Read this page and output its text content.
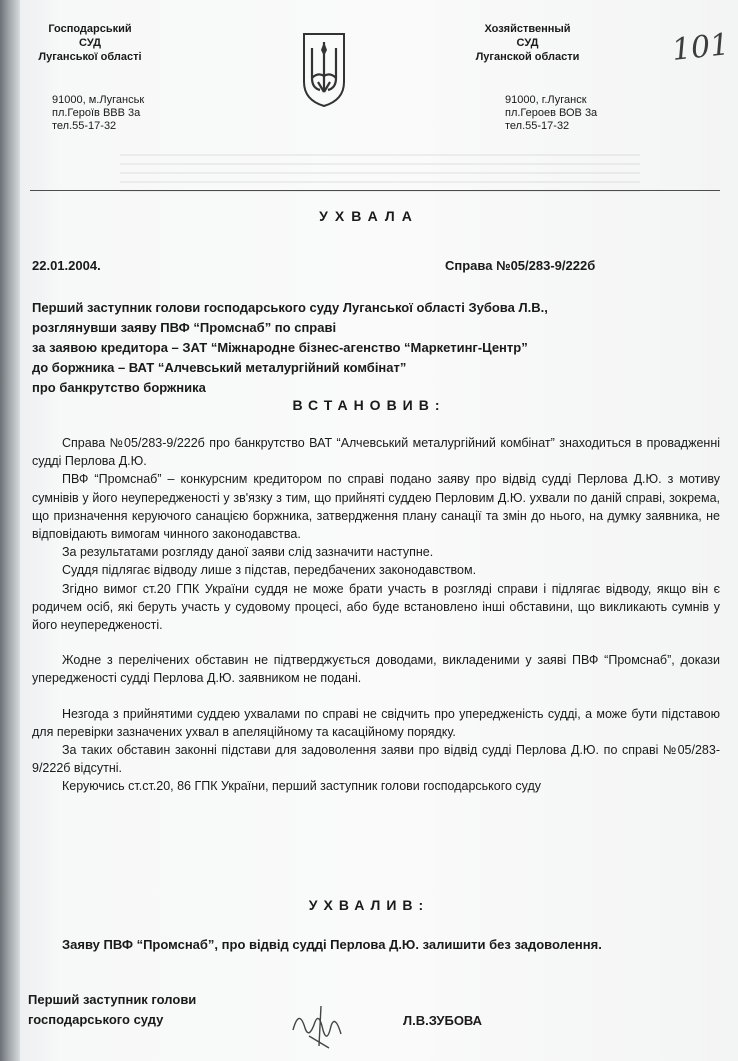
Господарський
СУД
Луганської області
91000, м.Луганськ
пл.Героїв ВВВ 3а
тел.55-17-32
Хозяйственный
СУД
Луганской области
91000, г.Луганск
пл.Героев ВОВ 3а
тел.55-17-32
101
УХВАЛА
22.01.2004.	Справа №05/283-9/222б
Перший заступник голови господарського суду Луганської області Зубова Л.В.,
розглянувши заяву ПВФ “Промснаб” по справі
за заявою кредитора – ЗАТ “Міжнародне бізнес-агенство “Маркетинг-Центр”
до боржника – ВАТ “Алчевський металургійний комбінат”
про банкрутство боржника
ВСТАНОВИВ:

Справа №05/283-9/222б про банкрутство ВАТ “Алчевський металургійний комбінат” знаходиться в провадженні судді Перлова Д.Ю.

ПВФ “Промснаб” – конкурсним кредитором по справі подано заяву про відвід судді Перлова Д.Ю. з мотиву сумнівів у його неупередженості у зв'язку з тим, що прийняті суддею Перловим Д.Ю. ухвали по даній справі, зокрема, що призначення керуючого санацією боржника, затвердження плану санації та змін до нього, на думку заявника, не відповідають вимогам чинного законодавства.

За результатами розгляду даної заяви слід зазначити наступне.

Суддя підлягає відводу лише з підстав, передбачених законодавством.

Згідно вимог ст.20 ГПК України суддя не може брати участь в розгляді справи і підлягає відводу, якщо він є родичем осіб, які беруть участь у судовому процесі, або буде встановлено інші обставини, що викликають сумнів у його неупередженості.

Жодне з перелічених обставин не підтверджується доводами, викладеними у заяві ПВФ “Промснаб”, докази упередженості судді Перлова Д.Ю. заявником не подані.

Незгода з прийнятими суддею ухвалами по справі не свідчить про упередженість судді, а може бути підставою для перевірки зазначених ухвал в апеляційному та касаційному порядку.

За таких обставин законні підстави для задоволення заяви про відвід судді Перлова Д.Ю. по справі №05/283-9/222б відсутні.

Керуючись ст.ст.20, 86 ГПК України, перший заступник голови господарського суду

УХВАЛИВ:
Заяву ПВФ “Промснаб”, про відвід судді Перлова Д.Ю. залишити без задоволення.
Перший заступник голови
господарського суду	Л.В.ЗУБОВА
